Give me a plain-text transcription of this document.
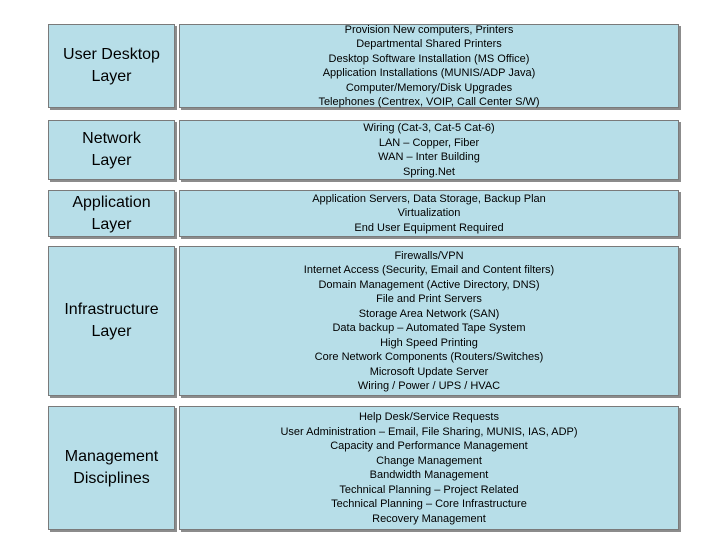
User Desktop Layer
Provision New computers, Printers
Departmental Shared Printers
Desktop Software Installation (MS Office)
Application Installations (MUNIS/ADP Java)
Computer/Memory/Disk Upgrades
Telephones (Centrex, VOIP, Call Center S/W)
Network Layer
Wiring (Cat-3, Cat-5 Cat-6)
LAN – Copper, Fiber
WAN – Inter Building
Spring.Net
Application Layer
Application Servers, Data Storage, Backup Plan
Virtualization
End User Equipment Required
Infrastructure Layer
Firewalls/VPN
Internet Access (Security, Email and Content filters)
Domain Management (Active Directory, DNS)
File and Print Servers
Storage Area Network (SAN)
Data backup – Automated Tape System
High Speed Printing
Core Network Components (Routers/Switches)
Microsoft Update Server
Wiring / Power / UPS / HVAC
Management Disciplines
Help Desk/Service Requests
User Administration – Email, File Sharing, MUNIS, IAS, ADP)
Capacity and Performance Management
Change Management
Bandwidth Management
Technical Planning – Project Related
Technical Planning – Core Infrastructure
Recovery Management
